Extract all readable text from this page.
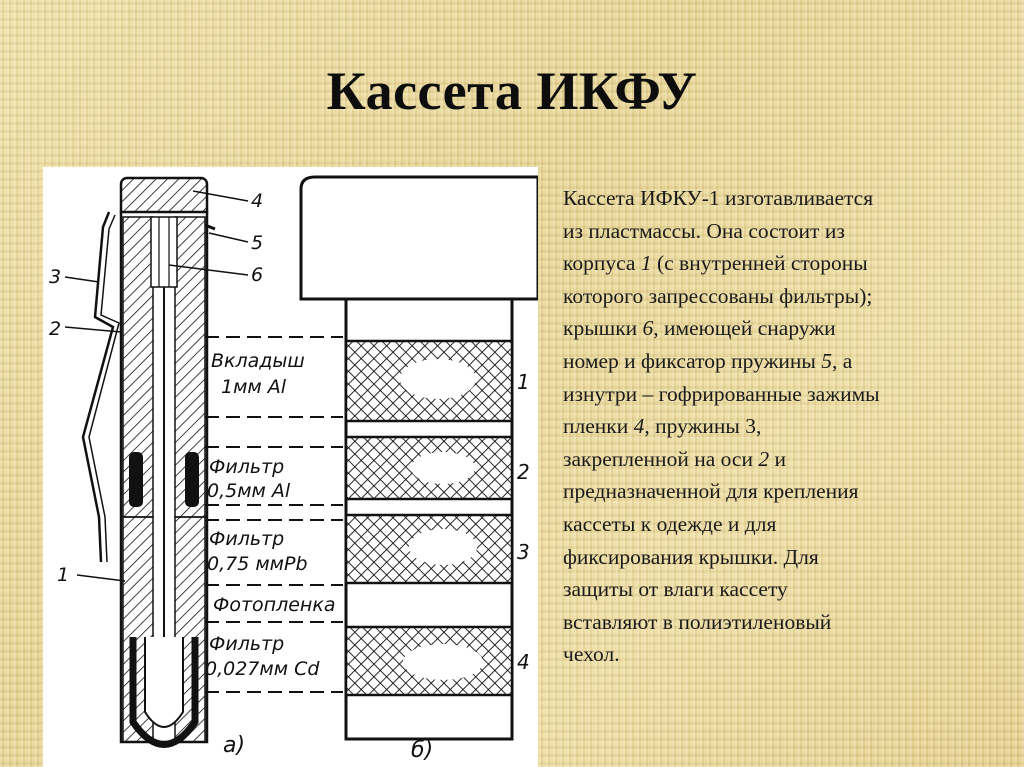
Кассета ИКФУ
4
5
6
3
2
1
а)
Вкладыш
1мм Al
Фильтр
0,5мм Al
Фильтр
0,75 ммPb
Фотопленка
Фильтр
0,027мм Cd
1
2
3
4
б)

Кассета ИФКУ-1 изготавливается

из пластмассы. Она состоит из

корпуса 1 (с внутренней стороны

которого запрессованы фильтры);

крышки 6, имеющей снаружи

номер и фиксатор пружины 5, а

изнутри – гофрированные зажимы

пленки 4, пружины 3,

закрепленной на оси 2 и

предназначенной для крепления

кассеты к одежде и для

фиксирования крышки. Для

защиты от влаги кассету

вставляют в полиэтиленовый

чехол.
